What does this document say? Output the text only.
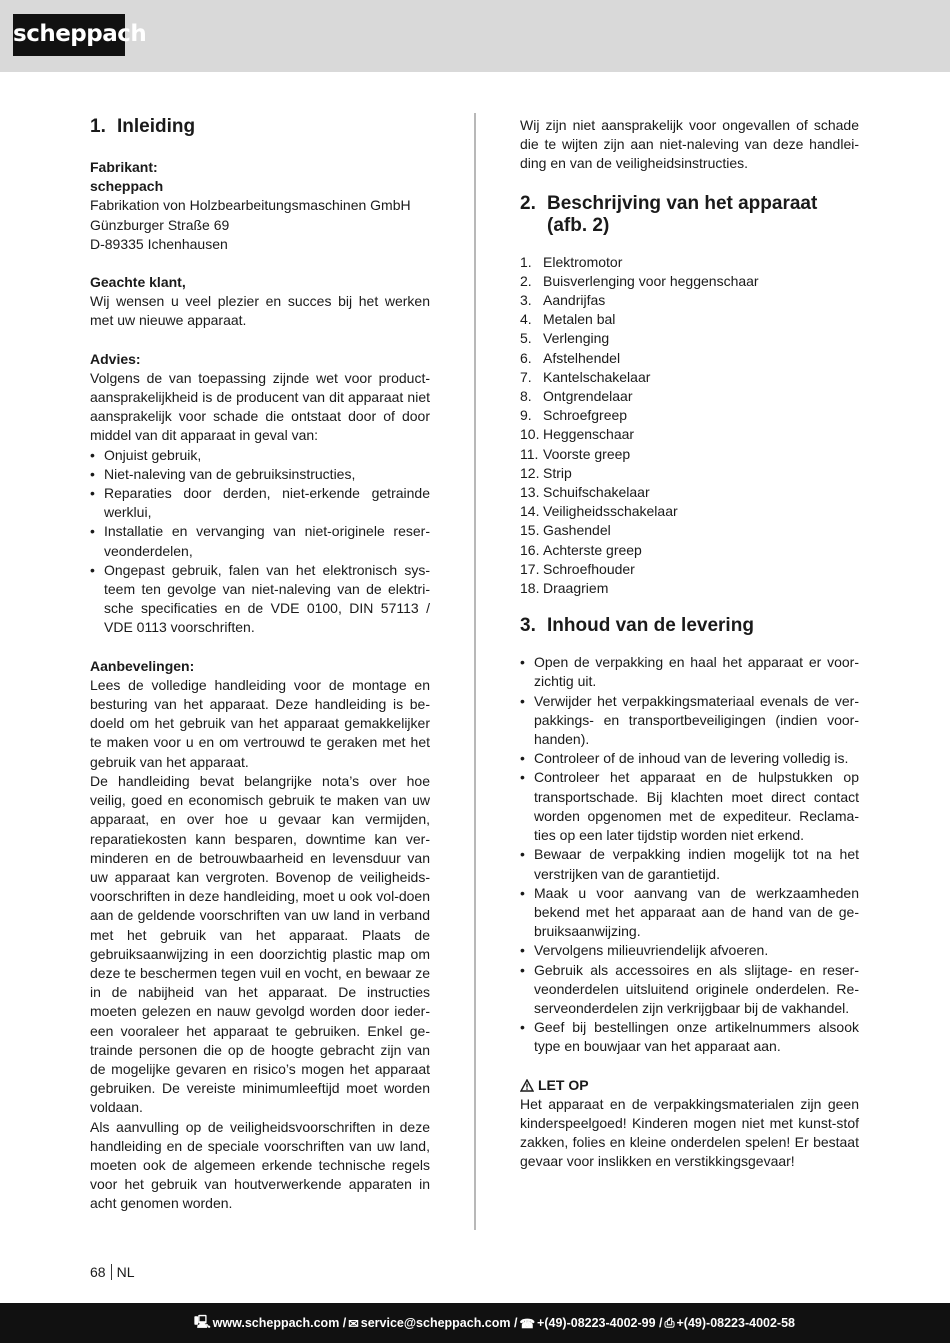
scheppach
1. Inleiding
Fabrikant:
scheppach
Fabrikation von Holzbearbeitungsmaschinen GmbH
Günzburger Straße 69
D-89335 Ichenhausen
Geachte klant,

Wij wensen u veel plezier en succes bij het werken met uw nieuwe apparaat.

Advies:

Volgens de van toepassing zijnde wet voor product-aansprakelijkheid is de producent van dit apparaat niet aansprakelijk voor schade die ontstaat door of door middel van dit apparaat in geval van:

• Onjuist gebruik,
• Niet-naleving van de gebruiksinstructies,
• Reparaties door derden, niet-erkende getrainde werklui,
• Installatie en vervanging van niet-originele reser-veonderdelen,
• Ongepast gebruik, falen van het elektronisch sys-teem ten gevolge van niet-naleving van de elektri-sche specificaties en de VDE 0100, DIN 57113 / VDE 0113 voorschriften.
Aanbevelingen:

Lees de volledige handleiding voor de montage en besturing van het apparaat. Deze handleiding is be-doeld om het gebruik van het apparaat gemakkelijker te maken voor u en om vertrouwd te geraken met het gebruik van het apparaat.

De handleiding bevat belangrijke nota’s over hoe veilig, goed en economisch gebruik te maken van uw apparaat, en over hoe u gevaar kan vermijden, reparatiekosten kann besparen, downtime kan ver-minderen en de betrouwbaarheid en levensduur van uw apparaat kan vergroten. Bovenop de veiligheids-voorschriften in deze handleiding, moet u ook vol-doen aan de geldende voorschriften van uw land in verband met het gebruik van het apparaat. Plaats de gebruiksaanwijzing in een doorzichtig plastic map om deze te beschermen tegen vuil en vocht, en bewaar ze in de nabijheid van het apparaat. De instructies moeten gelezen en nauw gevolgd worden door ieder-een vooraleer het apparaat te gebruiken. Enkel ge-trainde personen die op de hoogte gebracht zijn van de mogelijke gevaren en risico’s mogen het apparaat gebruiken. De vereiste minimumleeftijd moet worden voldaan.

Als aanvulling op de veiligheidsvoorschriften in deze handleiding en de speciale voorschriften van uw land, moeten ook de algemeen erkende technische regels voor het gebruik van houtverwerkende apparaten in acht genomen worden.

Wij zijn niet aansprakelijk voor ongevallen of schade die te wijten zijn aan niet-naleving van deze handlei-ding en van de veiligheidsinstructies.

2. Beschrijving van het apparaat
(afb. 2)
1. Elektromotor
2. Buisverlenging voor heggenschaar
3. Aandrijfas
4. Metalen bal
5. Verlenging
6. Afstelhendel
7. Kantelschakelaar
8. Ontgrendelaar
9. Schroefgreep
10. Heggenschaar
11. Voorste greep
12. Strip
13. Schuifschakelaar
14. Veiligheidsschakelaar
15. Gashendel
16. Achterste greep
17. Schroefhouder
18. Draagriem
3. Inhoud van de levering
• Open de verpakking en haal het apparaat er voor-zichtig uit.
• Verwijder het verpakkingsmateriaal evenals de ver-pakkings- en transportbeveiligingen (indien voor-handen).
• Controleer of de inhoud van de levering volledig is.
• Controleer het apparaat en de hulpstukken op transportschade. Bij klachten moet direct contact worden opgenomen met de expediteur. Reclama-ties op een later tijdstip worden niet erkend.
• Bewaar de verpakking indien mogelijk tot na het verstrijken van de garantietijd.
• Maak u voor aanvang van de werkzaamheden bekend met het apparaat aan de hand van de ge-bruiksaanwijzing.
• Vervolgens milieuvriendelijk afvoeren.
• Gebruik als accessoires en als slijtage- en reser-veonderdelen uitsluitend originele onderdelen. Re-serveonderdelen zijn verkrijgbaar bij de vakhandel.
• Geef bij bestellingen onze artikelnummers alsook type en bouwjaar van het apparaat aan.
LET OP

Het apparaat en de verpakkingsmaterialen zijn geen kinderspeelgoed! Kinderen mogen niet met kunst-stof zakken, folies en kleine onderdelen spelen! Er bestaat gevaar voor inslikken en verstikkingsgevaar!

68 NL
🖳 www.scheppach.com / ✉ service@scheppach.com / ☎ +(49)-08223-4002-99 / ⎙ +(49)-08223-4002-58
